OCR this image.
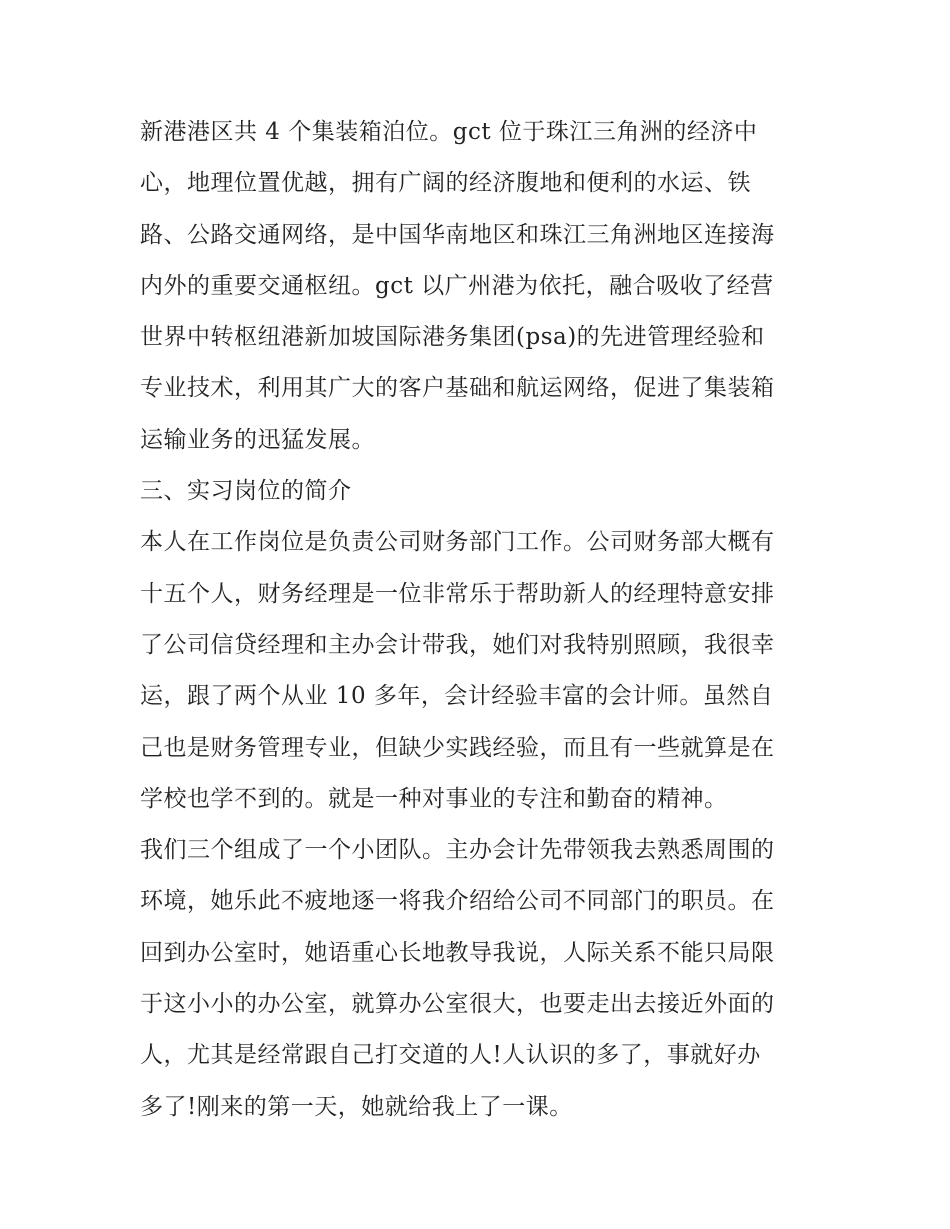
新港港区共 4 个集装箱泊位。gct 位于珠江三角洲的经济中
心，地理位置优越，拥有广阔的经济腹地和便利的水运、铁
路、公路交通网络，是中国华南地区和珠江三角洲地区连接海
内外的重要交通枢纽。gct 以广州港为依托，融合吸收了经营
世界中转枢纽港新加坡国际港务集团(psa)的先进管理经验和
专业技术，利用其广大的客户基础和航运网络，促进了集装箱
运输业务的迅猛发展。
三、实习岗位的简介
本人在工作岗位是负责公司财务部门工作。公司财务部大概有
十五个人，财务经理是一位非常乐于帮助新人的经理特意安排
了公司信贷经理和主办会计带我，她们对我特别照顾，我很幸
运，跟了两个从业 10 多年，会计经验丰富的会计师。虽然自
己也是财务管理专业，但缺少实践经验，而且有一些就算是在
学校也学不到的。就是一种对事业的专注和勤奋的精神。
我们三个组成了一个小团队。主办会计先带领我去熟悉周围的
环境，她乐此不疲地逐一将我介绍给公司不同部门的职员。在
回到办公室时，她语重心长地教导我说，人际关系不能只局限
于这小小的办公室，就算办公室很大，也要走出去接近外面的
人，尤其是经常跟自己打交道的人!人认识的多了，事就好办
多了!刚来的第一天，她就给我上了一课。
